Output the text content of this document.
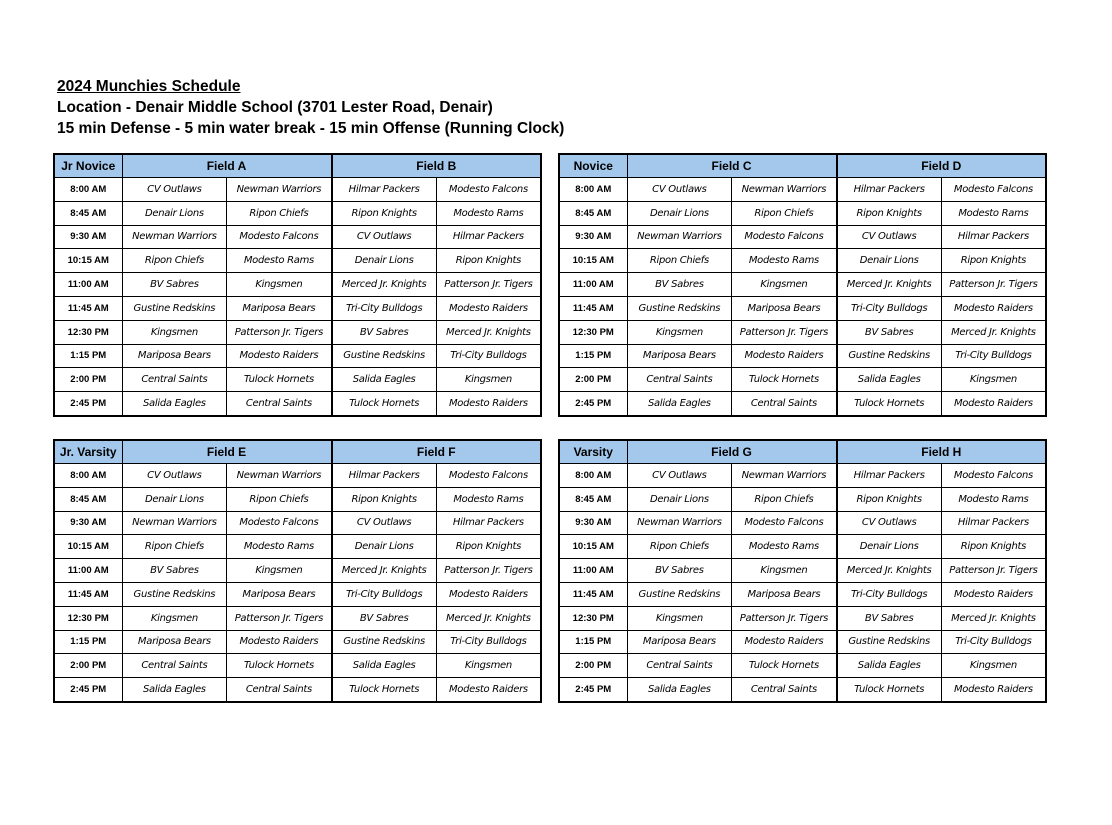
2024 Munchies Schedule
Location - Denair Middle School (3701 Lester Road, Denair)
15 min Defense - 5 min water break - 15 min Offense (Running Clock)
Jr Novice	Field A		Field B	
8:00 AM	CV Outlaws	Newman Warriors	Hilmar Packers	Modesto Falcons
8:45 AM	Denair Lions	Ripon Chiefs	Ripon Knights	Modesto Rams
9:30 AM	Newman Warriors	Modesto Falcons	CV Outlaws	Hilmar Packers
10:15 AM	Ripon Chiefs	Modesto Rams	Denair Lions	Ripon Knights
11:00 AM	BV Sabres	Kingsmen	Merced Jr. Knights	Patterson Jr. Tigers
11:45 AM	Gustine Redskins	Mariposa Bears	Tri-City Bulldogs	Modesto Raiders
12:30 PM	Kingsmen	Patterson Jr. Tigers	BV Sabres	Merced Jr. Knights
1:15 PM	Mariposa Bears	Modesto Raiders	Gustine Redskins	Tri-City Bulldogs
2:00 PM	Central Saints	Tulock Hornets	Salida Eagles	Kingsmen
2:45 PM	Salida Eagles	Central Saints	Tulock Hornets	Modesto Raiders
Novice	Field C		Field D	
8:00 AM	CV Outlaws	Newman Warriors	Hilmar Packers	Modesto Falcons
8:45 AM	Denair Lions	Ripon Chiefs	Ripon Knights	Modesto Rams
9:30 AM	Newman Warriors	Modesto Falcons	CV Outlaws	Hilmar Packers
10:15 AM	Ripon Chiefs	Modesto Rams	Denair Lions	Ripon Knights
11:00 AM	BV Sabres	Kingsmen	Merced Jr. Knights	Patterson Jr. Tigers
11:45 AM	Gustine Redskins	Mariposa Bears	Tri-City Bulldogs	Modesto Raiders
12:30 PM	Kingsmen	Patterson Jr. Tigers	BV Sabres	Merced Jr. Knights
1:15 PM	Mariposa Bears	Modesto Raiders	Gustine Redskins	Tri-City Bulldogs
2:00 PM	Central Saints	Tulock Hornets	Salida Eagles	Kingsmen
2:45 PM	Salida Eagles	Central Saints	Tulock Hornets	Modesto Raiders
Jr. Varsity	Field E		Field F	
8:00 AM	CV Outlaws	Newman Warriors	Hilmar Packers	Modesto Falcons
8:45 AM	Denair Lions	Ripon Chiefs	Ripon Knights	Modesto Rams
9:30 AM	Newman Warriors	Modesto Falcons	CV Outlaws	Hilmar Packers
10:15 AM	Ripon Chiefs	Modesto Rams	Denair Lions	Ripon Knights
11:00 AM	BV Sabres	Kingsmen	Merced Jr. Knights	Patterson Jr. Tigers
11:45 AM	Gustine Redskins	Mariposa Bears	Tri-City Bulldogs	Modesto Raiders
12:30 PM	Kingsmen	Patterson Jr. Tigers	BV Sabres	Merced Jr. Knights
1:15 PM	Mariposa Bears	Modesto Raiders	Gustine Redskins	Tri-City Bulldogs
2:00 PM	Central Saints	Tulock Hornets	Salida Eagles	Kingsmen
2:45 PM	Salida Eagles	Central Saints	Tulock Hornets	Modesto Raiders
Varsity	Field G		Field H	
8:00 AM	CV Outlaws	Newman Warriors	Hilmar Packers	Modesto Falcons
8:45 AM	Denair Lions	Ripon Chiefs	Ripon Knights	Modesto Rams
9:30 AM	Newman Warriors	Modesto Falcons	CV Outlaws	Hilmar Packers
10:15 AM	Ripon Chiefs	Modesto Rams	Denair Lions	Ripon Knights
11:00 AM	BV Sabres	Kingsmen	Merced Jr. Knights	Patterson Jr. Tigers
11:45 AM	Gustine Redskins	Mariposa Bears	Tri-City Bulldogs	Modesto Raiders
12:30 PM	Kingsmen	Patterson Jr. Tigers	BV Sabres	Merced Jr. Knights
1:15 PM	Mariposa Bears	Modesto Raiders	Gustine Redskins	Tri-City Bulldogs
2:00 PM	Central Saints	Tulock Hornets	Salida Eagles	Kingsmen
2:45 PM	Salida Eagles	Central Saints	Tulock Hornets	Modesto Raiders
